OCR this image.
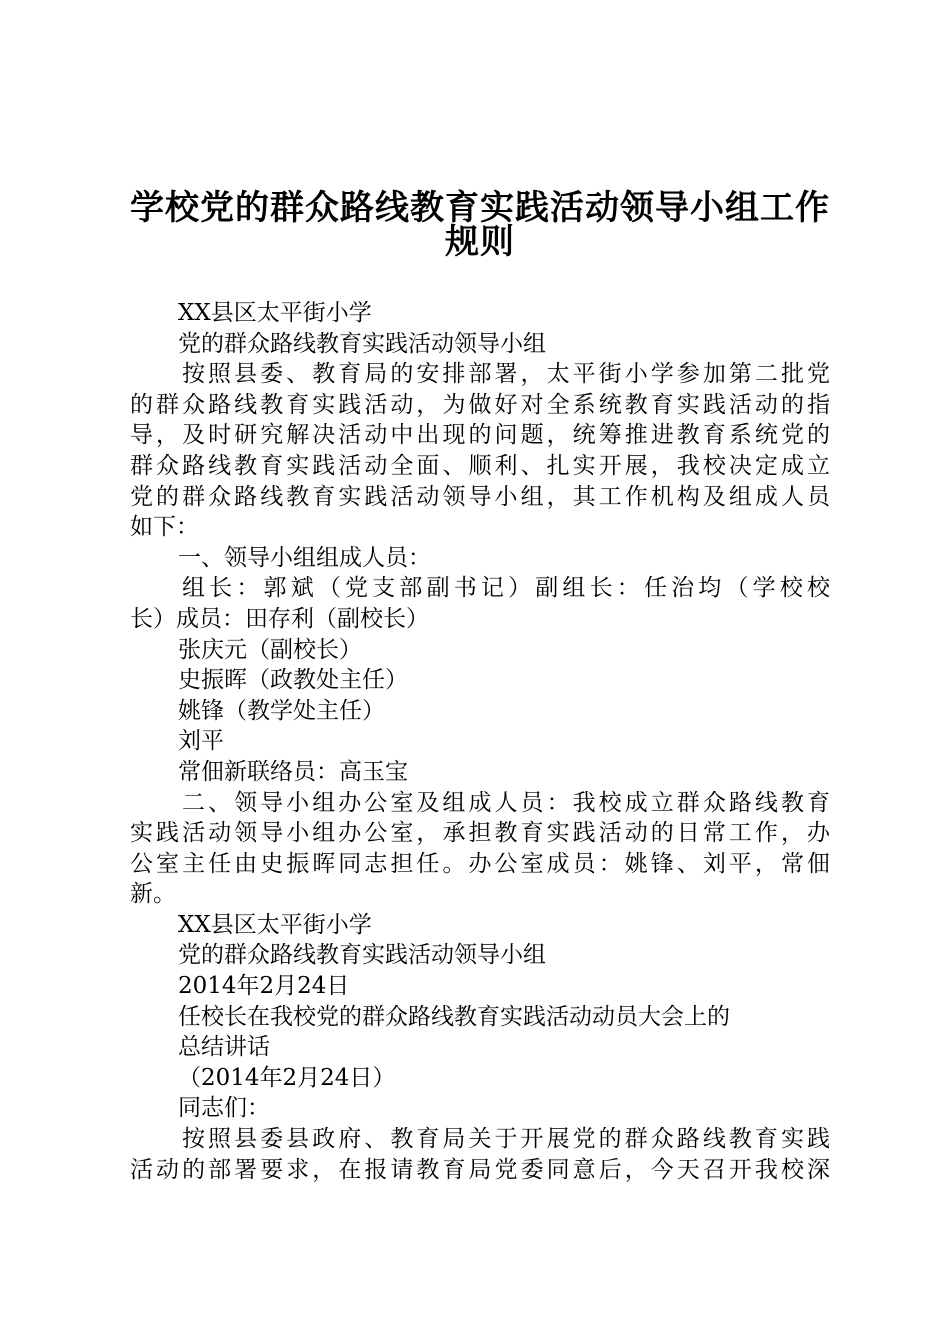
学校党的群众路线教育实践活动领导小组工作
规则
XX县区太平街小学
党的群众路线教育实践活动领导小组
按照县委、教育局的安排部署，太平街小学参加第二批党
的群众路线教育实践活动，为做好对全系统教育实践活动的指
导，及时研究解决活动中出现的问题，统筹推进教育系统党的
群众路线教育实践活动全面、顺利、扎实开展，我校决定成立
党的群众路线教育实践活动领导小组，其工作机构及组成人员
如下：
一、领导小组组成人员：
组长：郭斌（党支部副书记）副组长：任治均（学校校
长）成员：田存利（副校长）
张庆元（副校长）
史振晖（政教处主任）
姚锋（教学处主任）
刘平
常佃新联络员：高玉宝
二、领导小组办公室及组成人员：我校成立群众路线教育
实践活动领导小组办公室，承担教育实践活动的日常工作，办
公室主任由史振晖同志担任。办公室成员：姚锋、刘平，常佃
新。
XX县区太平街小学
党的群众路线教育实践活动领导小组
2014年2月24日
任校长在我校党的群众路线教育实践活动动员大会上的
总结讲话
（2014年2月24日）
同志们：
按照县委县政府、教育局关于开展党的群众路线教育实践
活动的部署要求，在报请教育局党委同意后，今天召开我校深
